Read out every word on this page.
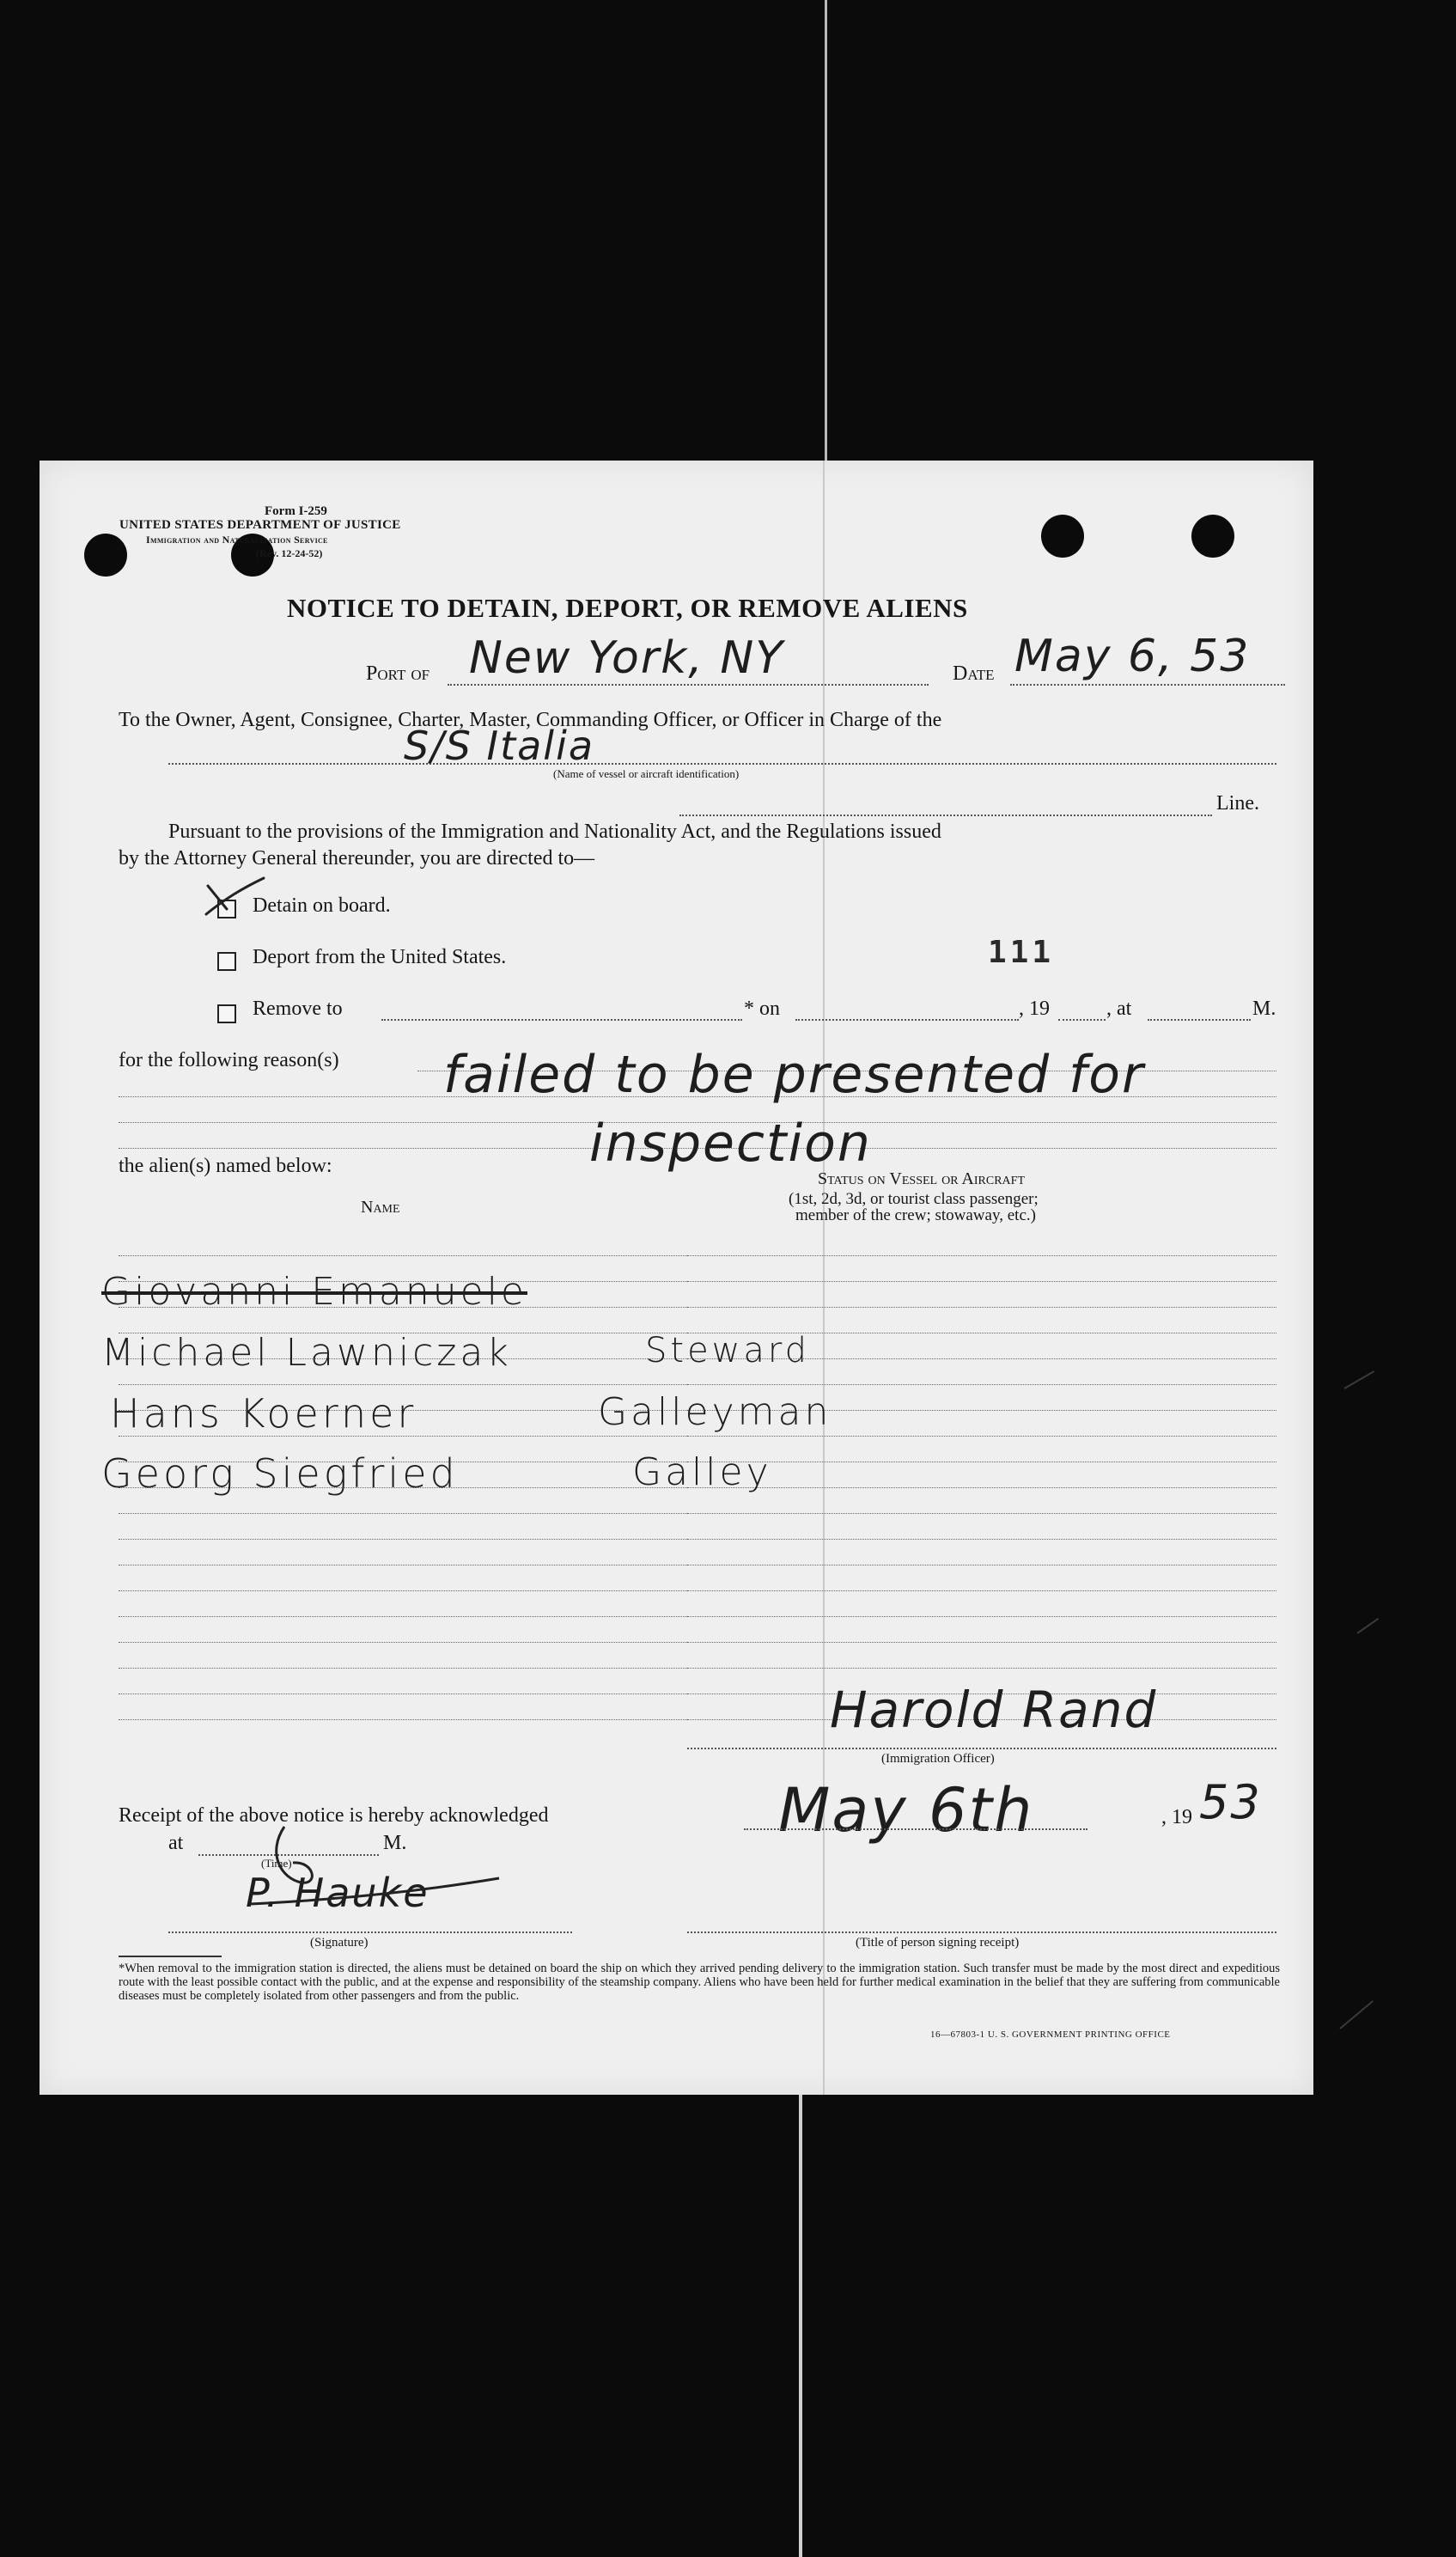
Form I-259
UNITED STATES DEPARTMENT OF JUSTICE
Immigration and Naturalization Service
(Rev. 12-24-52)
NOTICE TO DETAIN, DEPORT, OR REMOVE ALIENS
Port of New York, NY	Date May 6, 53
To the Owner, Agent, Consignee, Charter, Master, Commanding Officer, or Officer in Charge of the
S/S Italia
(Name of vessel or aircraft identification)
Line.
Pursuant to the provisions of the Immigration and Nationality Act, and the Regulations issued
by the Attorney General thereunder, you are directed to—
Detain on board.
Deport from the United States.	111
Remove to	* on	, 19	, at	M.
for the following reason(s) failed to be presented for
inspection
the alien(s) named below:
Name
Status on Vessel or Aircraft
(1st, 2d, 3d, or tourist class passenger;
member of the crew; stowaway, etc.)
Giovanni Emanuele
Michael Lawniczak	Steward
Hans Koerner	Galleyman
Georg Siegfried	Galley
Harold Rand
(Immigration Officer)
Receipt of the above notice is hereby acknowledged	May 6th	, 19 53
at	M.
(Time)
P. Hauke
(Signature)	(Title of person signing receipt)
*When removal to the immigration station is directed, the aliens must be detained on board the ship on which they arrived pending delivery to the immigration station. Such transfer must be made by the most direct and expeditious route with the least possible contact with the public, and at the expense and responsibility of the steamship company. Aliens who have been held for further medical examination in the belief that they are suffering from communicable diseases must be completely isolated from other passengers and from the public.
16—67803-1 U. S. GOVERNMENT PRINTING OFFICE
